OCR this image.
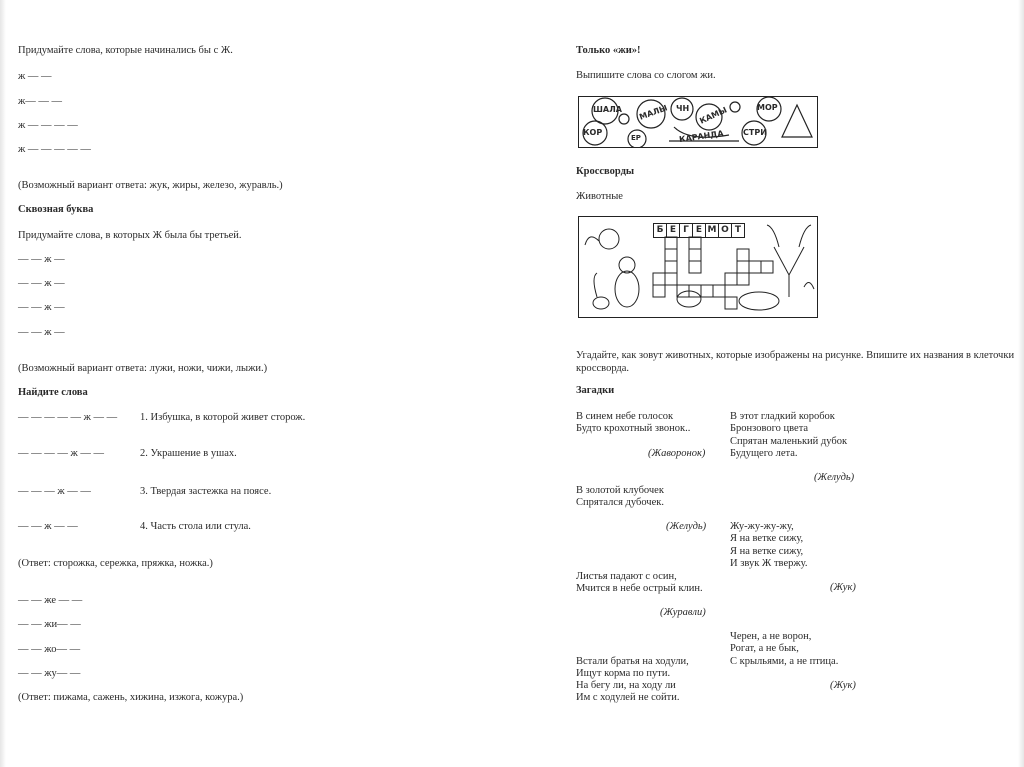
Придумайте слова, которые начинались бы с Ж.
ж — —
ж— — —
ж — — — —
ж — — — — —
(Возможный вариант ответа: жук, жиры, железо, журавль.)
Сквозная буква
Придумайте слова, в которых Ж была бы третьей.
— — ж —
— — ж —
— — ж —
— — ж —
(Возможный вариант ответа: лужи, ножи, чижи, лыжи.)
Найдите слова
— — — — — ж — — 1. Избушка, в которой живет сторож.
— — — — ж — —	2. Украшение в ушах.
— — — ж — —	3. Твердая застежка на поясе.
— — ж — —	4. Часть стола или стула.
(Ответ: сторожка, сережка, пряжка, ножка.)
— — же — —
— — жи— —
— — жо— —
— — жу— —
(Ответ: пижама, сажень, хижина, изжога, кожура.)
Только «жи»!
Выпишите слова со слогом жи.
ШАЛА МАЛЫ ЧН КАМЫ	МОР
КОР
ЕР	КАРАНДА СТРИ
Кроссворды
Животные
Б Е Г Е М О Т
Угадайте, как зовут животных, которые изображены на рисунке. Впишите их названия в клеточки кроссворда.
Загадки
В синем небе голосок
Будто крохотный звонок..
(Жаворонок)
В этот гладкий коробок
Бронзового цвета
Спрятан маленький дубок
Будущего лета.
(Желудь)
В золотой клубочек
Спрятался дубочек.
(Желудь) Жу-жу-жу-жу,
Я на ветке сижу,
Я на ветке сижу,
И звук Ж твержу.
(Жук)
Листья падают с осин,
Мчится в небе острый клин.
(Журавли)
Черен, а не ворон,
Рогат, а не бык,
С крыльями, а не птица.
(Жук)
Встали братья на ходули,
Ищут корма по пути.
На бегу ли, на ходу ли
Им с ходулей не сойти.
